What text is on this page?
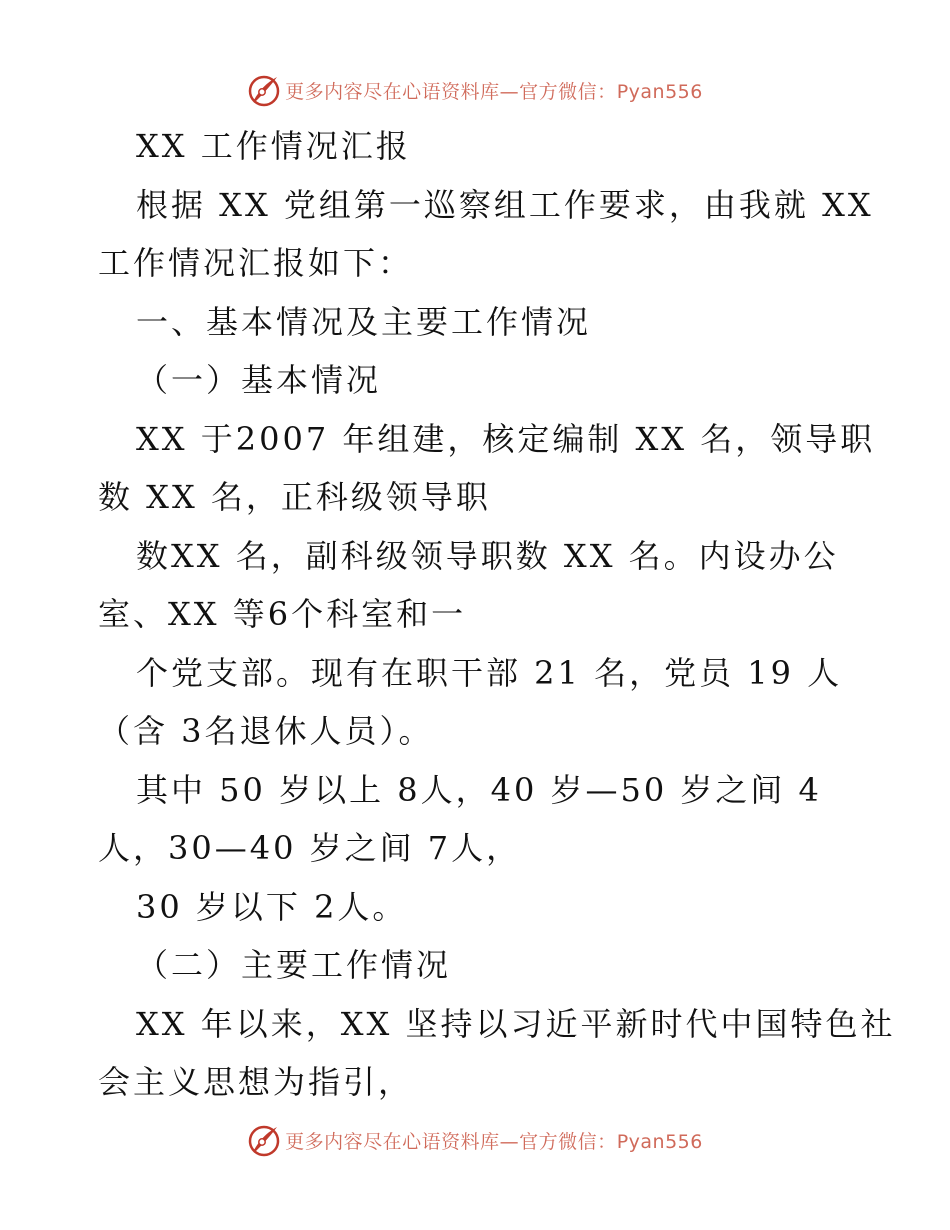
更多内容尽在心语资料库—官方微信：Pyan556
XX 工作情况汇报
根据 XX 党组第一巡察组工作要求，由我就 XX
工作情况汇报如下：
一、基本情况及主要工作情况
（一）基本情况
XX 于2007 年组建，核定编制 XX 名，领导职
数 XX 名，正科级领导职
数XX 名，副科级领导职数 XX 名。内设办公
室、XX 等6个科室和一
个党支部。现有在职干部 21 名，党员 19 人
（含 3名退休人员）。
其中 50 岁以上 8人，40 岁—50 岁之间 4
人，30—40 岁之间 7人，
30 岁以下 2人。
（二）主要工作情况
XX 年以来，XX 坚持以习近平新时代中国特色社
会主义思想为指引，
更多内容尽在心语资料库—官方微信：Pyan556
